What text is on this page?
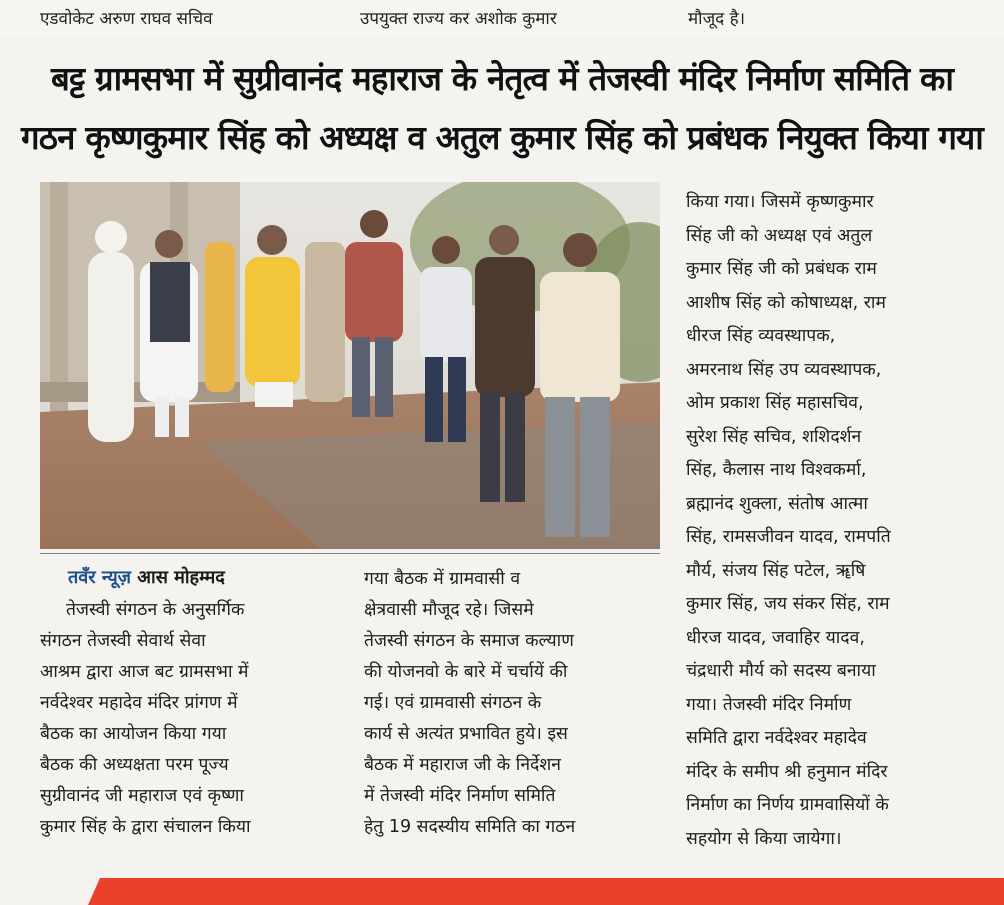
एडवोकेट अरुण राघव सचिव	उपयुक्त राज्य कर अशोक कुमार	मौजूद है।
बट्ट ग्रामसभा में सुग्रीवानंद महाराज के नेतृत्व में तेजस्वी मंदिर निर्माण समिति का
गठन कृष्णकुमार सिंह को अध्यक्ष व अतुल कुमार सिंह को प्रबंधक नियुक्त किया गया
तवँर न्यूज़ आस मोहम्मद
तेजस्वी संगठन के अनुसर्गिक
संगठन तेजस्वी सेवार्थ सेवा
आश्रम द्वारा आज बट ग्रामसभा में
नर्वदेश्वर महादेव मंदिर प्रांगण में
बैठक का आयोजन किया गया
बैठक की अध्यक्षता परम पूज्य
सुग्रीवानंद जी महाराज एवं कृष्णा
कुमार सिंह के द्वारा संचालन किया
गया बैठक में ग्रामवासी व
क्षेत्रवासी मौजूद रहे। जिसमे
तेजस्वी संगठन के समाज कल्याण
की योजनवो के बारे में चर्चायें की
गई। एवं ग्रामवासी संगठन के
कार्य से अत्यंत प्रभावित हुये। इस
बैठक में महाराज जी के निर्देशन
में तेजस्वी मंदिर निर्माण समिति
हेतु 19 सदस्यीय समिति का गठन
किया गया। जिसमें कृष्णकुमार
सिंह जी को अध्यक्ष एवं अतुल
कुमार सिंह जी को प्रबंधक राम
आशीष सिंह को कोषाध्यक्ष, राम
धीरज सिंह व्यवस्थापक,
अमरनाथ सिंह उप व्यवस्थापक,
ओम प्रकाश सिंह महासचिव,
सुरेश सिंह सचिव, शशिदर्शन
सिंह, कैलास नाथ विश्वकर्मा,
ब्रह्मानंद शुक्ला, संतोष आत्मा
सिंह, रामसजीवन यादव, रामपति
मौर्य, संजय सिंह पटेल, ॠषि
कुमार सिंह, जय संकर सिंह, राम
धीरज यादव, जवाहिर यादव,
चंद्रधारी मौर्य को सदस्य बनाया
गया। तेजस्वी मंदिर निर्माण
समिति द्वारा नर्वदेश्वर महादेव
मंदिर के समीप श्री हनुमान मंदिर
निर्माण का निर्णय ग्रामवासियों के
सहयोग से किया जायेगा।
